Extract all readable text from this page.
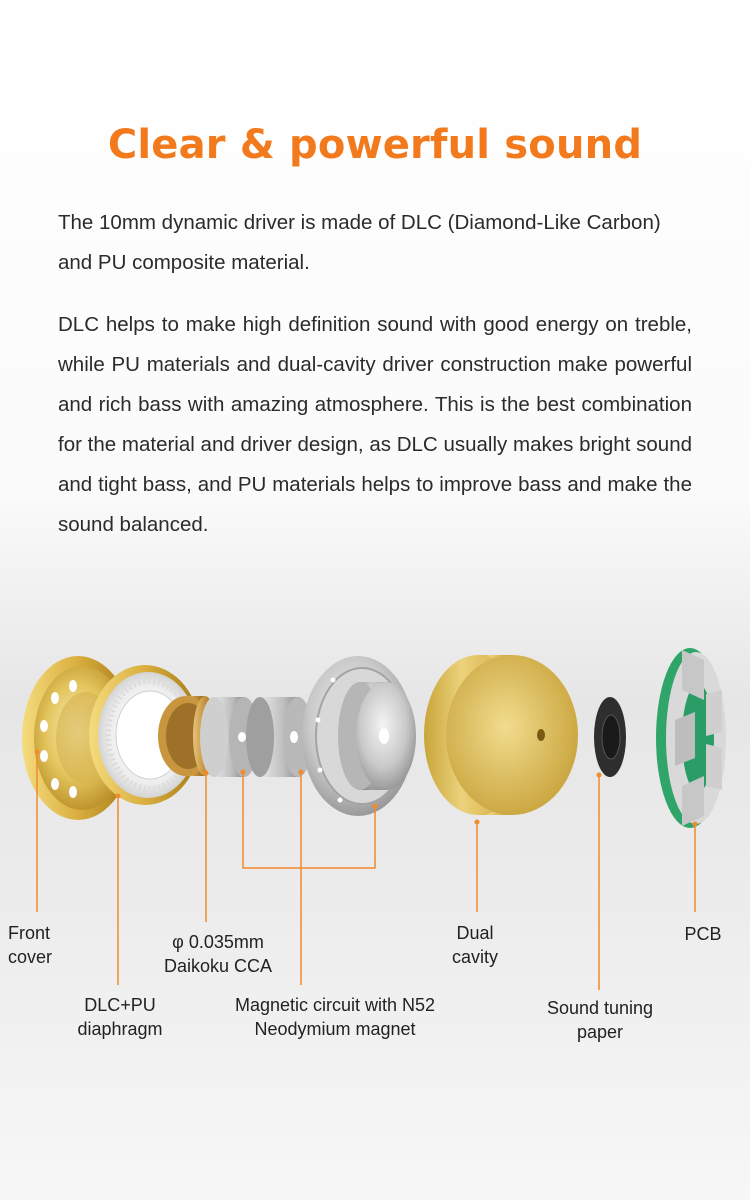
Clear & powerful sound

The 10mm dynamic driver is made of DLC (Diamond-Like Carbon) and PU composite material.

DLC helps to make high definition sound with good energy on treble, while PU materials and dual-cavity driver construction make powerful and rich bass with amazing atmosphere. This is the best combination for the material and driver design, as DLC usually makes bright sound and tight bass, and PU materials helps to improve bass and make the sound balanced.

Front
cover
DLC+PU
diaphragm
φ 0.035mm
Daikoku CCA
Magnetic circuit with N52
Neodymium magnet
Dual
cavity
Sound tuning
paper
PCB
